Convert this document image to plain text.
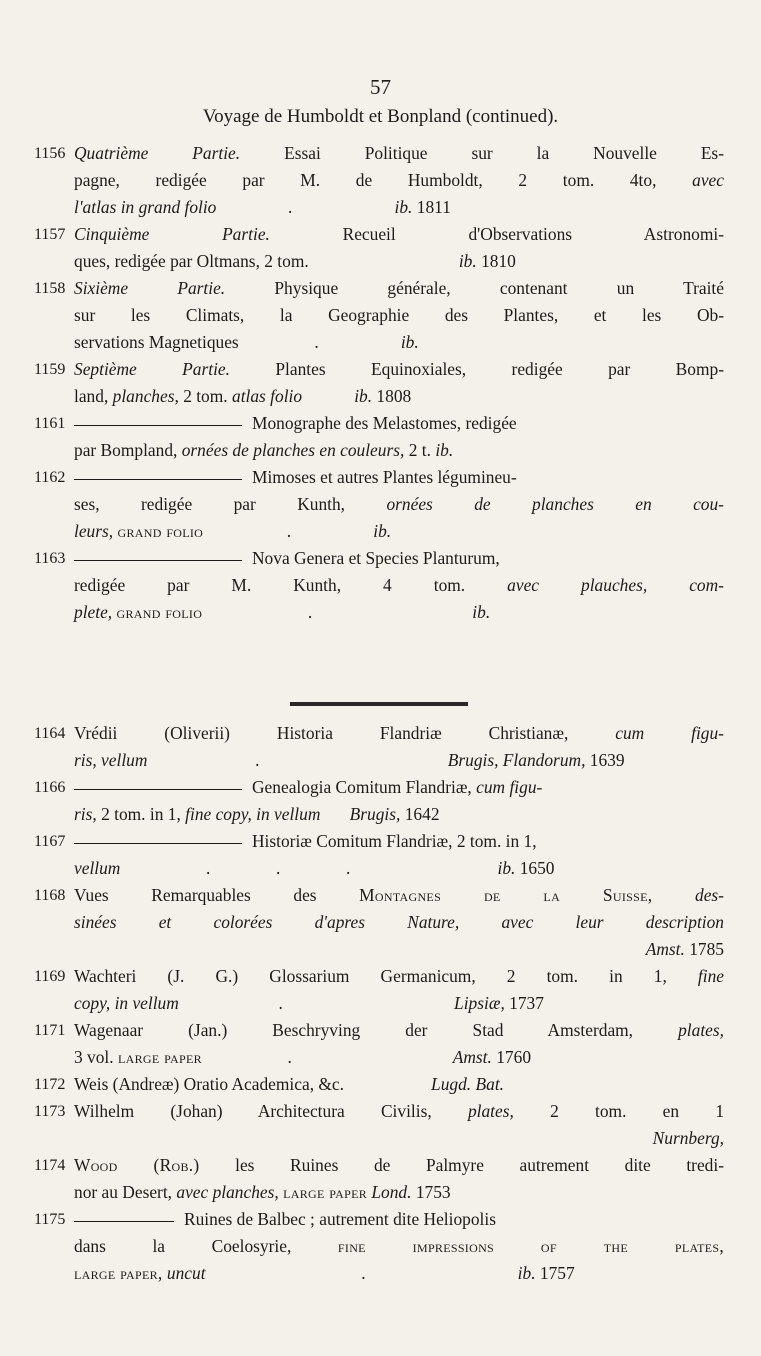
57
Voyage de Humboldt et Bonpland (continued).
1156 Quatrième Partie.	Essai Politique sur la Nouvelle Es-
pagne, redigée par M. de Humboldt, 2 tom. 4to, avec
l'atlas in grand folio	.	ib. 1811
1157 Cinquième Partie.	Recueil d'Observations Astronomi-
ques, redigée par Oltmans, 2 tom.	ib. 1810
1158 Sixième Partie.	Physique générale, contenant un Traité
sur les Climats, la Geographie des Plantes, et les Ob-
servations Magnetiques	.	ib.
1159 Septième Partie.	Plantes Equinoxiales, redigée par Bomp-
land, planches, 2 tom. atlas folio	ib. 1808
1161	Monographe des Melastomes, redigée
par Bompland, ornées de planches en couleurs, 2 t. ib.
1162	Mimoses et autres Plantes légumineu-
ses, redigée par Kunth, ornées de planches en cou-
leurs, grand folio	.	ib.
1163	Nova Genera et Species Planturum,
redigée par M. Kunth, 4 tom. avec plauches, com-
plete, grand folio	.	ib.
1164 Vrédii (Oliverii) Historia Flandriæ Christianæ,	cum figu-
ris, vellum	.	Brugis, Flandorum, 1639
1166	Genealogia Comitum Flandriæ, cum figu-
ris, 2 tom. in 1, fine copy, in vellum Brugis, 1642
1167	Historiæ Comitum Flandriæ, 2 tom. in 1,
vellum	.	.	.	ib. 1650
1168 Vues Remarquables des Montagnes de la Suisse, des-
sinées et colorées d'apres Nature, avec leur description
Amst. 1785
1169 Wachteri (J. G.) Glossarium Germanicum, 2 tom. in 1, fine
copy, in vellum	.	Lipsiæ, 1737
1171 Wagenaar (Jan.) Beschryving der Stad Amsterdam,	plates,
3 vol. large paper	.	Amst. 1760
1172 Weis (Andreæ) Oratio Academica, &c.	Lugd. Bat.
1173 Wilhelm (Johan) Architectura Civilis, plates, 2 tom. en 1
Nurnberg,
1174 Wood (Rob.) les Ruines de Palmyre autrement dite tredi-
nor au Desert, avec planches, large paper Lond. 1753
1175	Ruines de Balbec ; autrement dite Heliopolis
dans la Coelosyrie,	fine impressions of the plates,
large paper, uncut	.	ib. 1757
